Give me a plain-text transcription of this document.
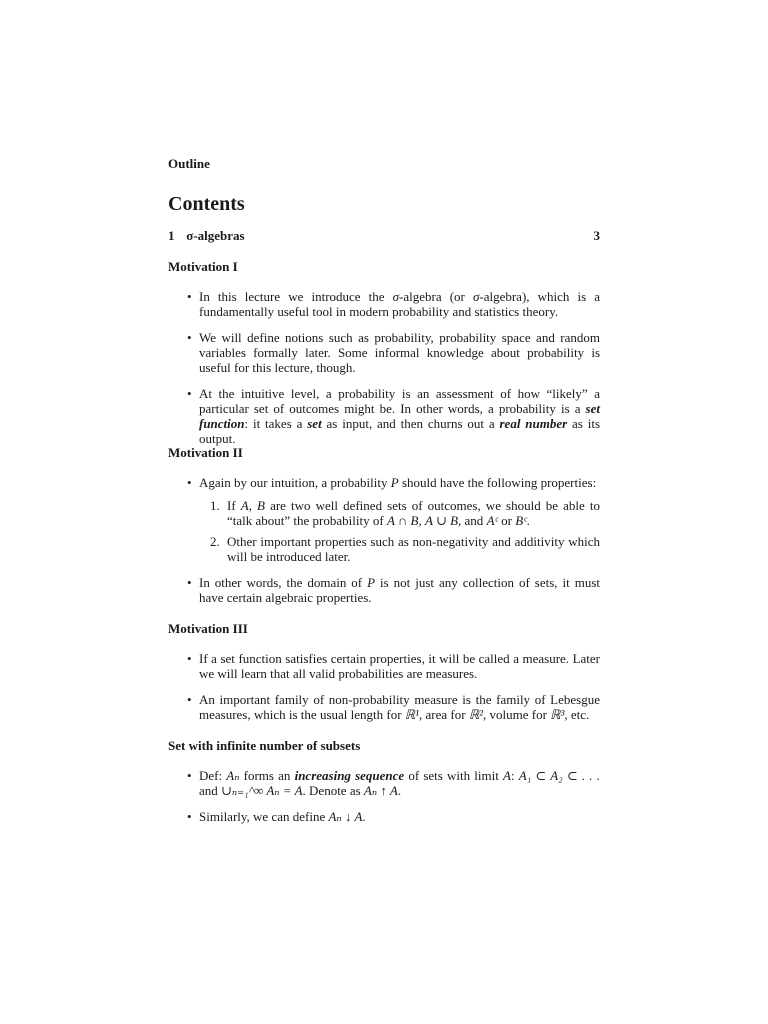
Outline
Contents
1 σ-algebras	3
Motivation I
• In this lecture we introduce the σ-algebra (or σ-algebra), which is a fundamentally useful tool in modern probability and statistics theory.
• We will define notions such as probability, probability space and random variables formally later. Some informal knowledge about probability is useful for this lecture, though.
• At the intuitive level, a probability is an assessment of how “likely” a particular set of outcomes might be. In other words, a probability is a set function: it takes a set as input, and then churns out a real number as its output.
Motivation II
• Again by our intuition, a probability P should have the following properties:
1. If A, B are two well defined sets of outcomes, we should be able to “talk about” the probability of A ∩ B, A ∪ B, and Aᶜ or Bᶜ.
2. Other important properties such as non-negativity and additivity which will be introduced later.
• In other words, the domain of P is not just any collection of sets, it must have certain algebraic properties.
Motivation III
• If a set function satisfies certain properties, it will be called a measure. Later we will learn that all valid probabilities are measures.
• An important family of non-probability measure is the family of Lebesgue measures, which is the usual length for ℝ¹, area for ℝ², volume for ℝ³, etc.
Set with infinite number of subsets
• Def: Aₙ forms an increasing sequence of sets with limit A: A₁ ⊂ A₂ ⊂ . . . and ∪ₙ₌₁^∞ Aₙ = A. Denote as Aₙ ↑ A.
• Similarly, we can define Aₙ ↓ A.
